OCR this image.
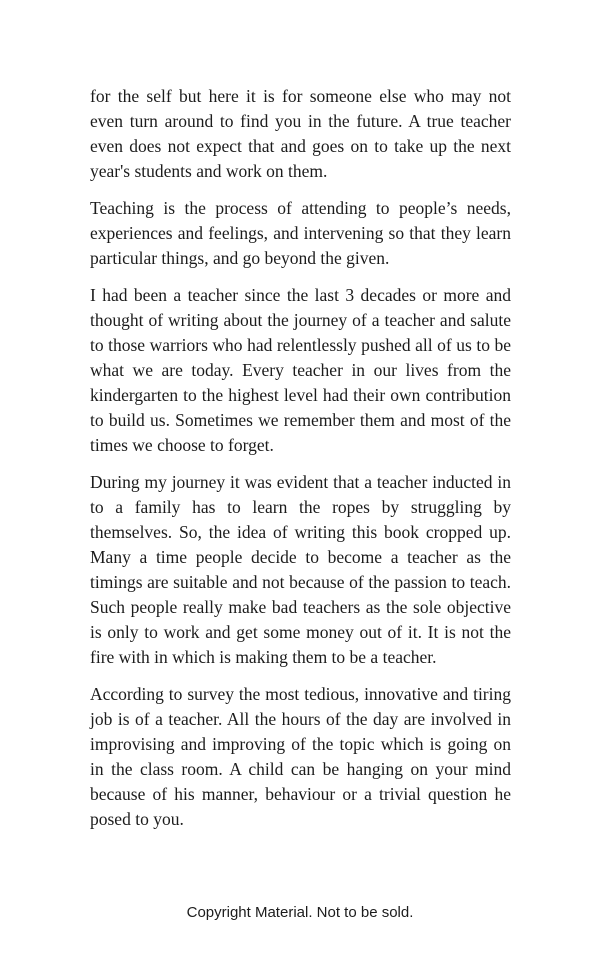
for the self but here it is for someone else who may not even turn around to find you in the future. A true teacher even does not expect that and goes on to take up the next year's students and work on them.

Teaching is the process of attending to people’s needs, experiences and feelings, and intervening so that they learn particular things, and go beyond the given.

I had been a teacher since the last 3 decades or more and thought of writing about the journey of a teacher and salute to those warriors who had relentlessly pushed all of us to be what we are today. Every teacher in our lives from the kindergarten to the highest level had their own contribution to build us. Sometimes we remember them and most of the times we choose to forget.

During my journey it was evident that a teacher inducted in to a family has to learn the ropes by struggling by themselves. So, the idea of writing this book cropped up. Many a time people decide to become a teacher as the timings are suitable and not because of the passion to teach. Such people really make bad teachers as the sole objective is only to work and get some money out of it. It is not the fire with in which is making them to be a teacher.

According to survey the most tedious, innovative and tiring job is of a teacher. All the hours of the day are involved in improvising and improving of the topic which is going on in the class room. A child can be hanging on your mind because of his manner, behaviour or a trivial question he posed to you.

Copyright Material. Not to be sold.
